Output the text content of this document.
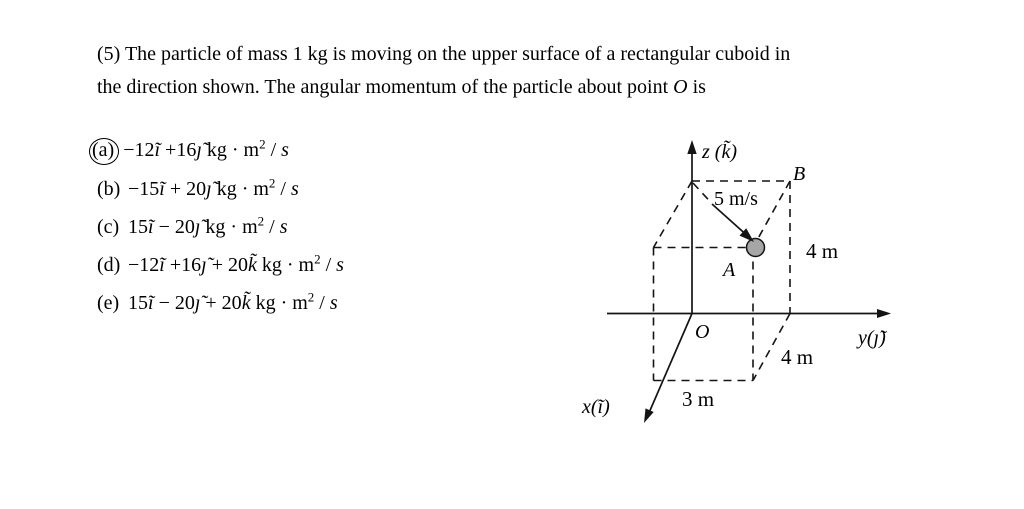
(5) The particle of mass 1 kg is moving on the upper surface of a rectangular cuboid in
the direction shown. The angular momentum of the particle about point O is
(a) −12ĩ +16ȷ̃ kg · $m^2$ / s
(b) −15ĩ + 20ȷ̃ kg · $m^2$ / s
(c) 15ĩ − 20ȷ̃ kg · $m^2$ / s
(d) −12ĩ +16ȷ̃ + 20k̃ kg · $m^2$ / s
(e) 15ĩ − 20ȷ̃ + 20k̃ kg · $m^2$ / s
z (k̃)
B
5 m/s
4 m
A
O	y(ȷ̃)
4 m
3 m
x(ĩ)
